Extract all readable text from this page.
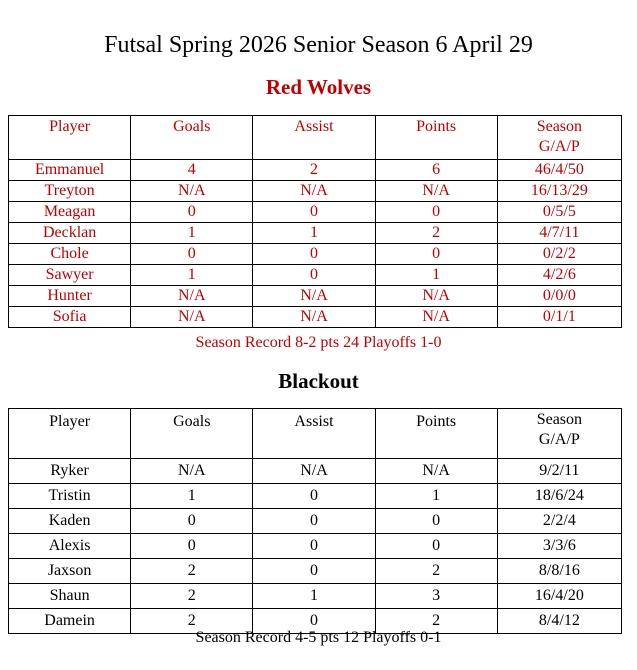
Futsal Spring 2026 Senior Season 6 April 29
Red Wolves
Player	Goals	Assist	Points	Season G/A/P
Emmanuel	4	2	6	46/4/50
Treyton	N/A	N/A	N/A	16/13/29
Meagan	0	0	0	0/5/5
Decklan	1	1	2	4/7/11
Chole	0	0	0	0/2/2
Sawyer	1	0	1	4/2/6
Hunter	N/A	N/A	N/A	0/0/0
Sofia	N/A	N/A	N/A	0/1/1
Season Record 8-2 pts 24 Playoffs 1-0
Blackout
Player	Goals	Assist	Points	Season G/A/P
Ryker	N/A	N/A	N/A	9/2/11
Tristin	1	0	1	18/6/24
Kaden	0	0	0	2/2/4
Alexis	0	0	0	3/3/6
Jaxson	2	0	2	8/8/16
Shaun	2	1	3	16/4/20
Damein	2	0	2	8/4/12
Season Record 4-5 pts 12 Playoffs 0-1
